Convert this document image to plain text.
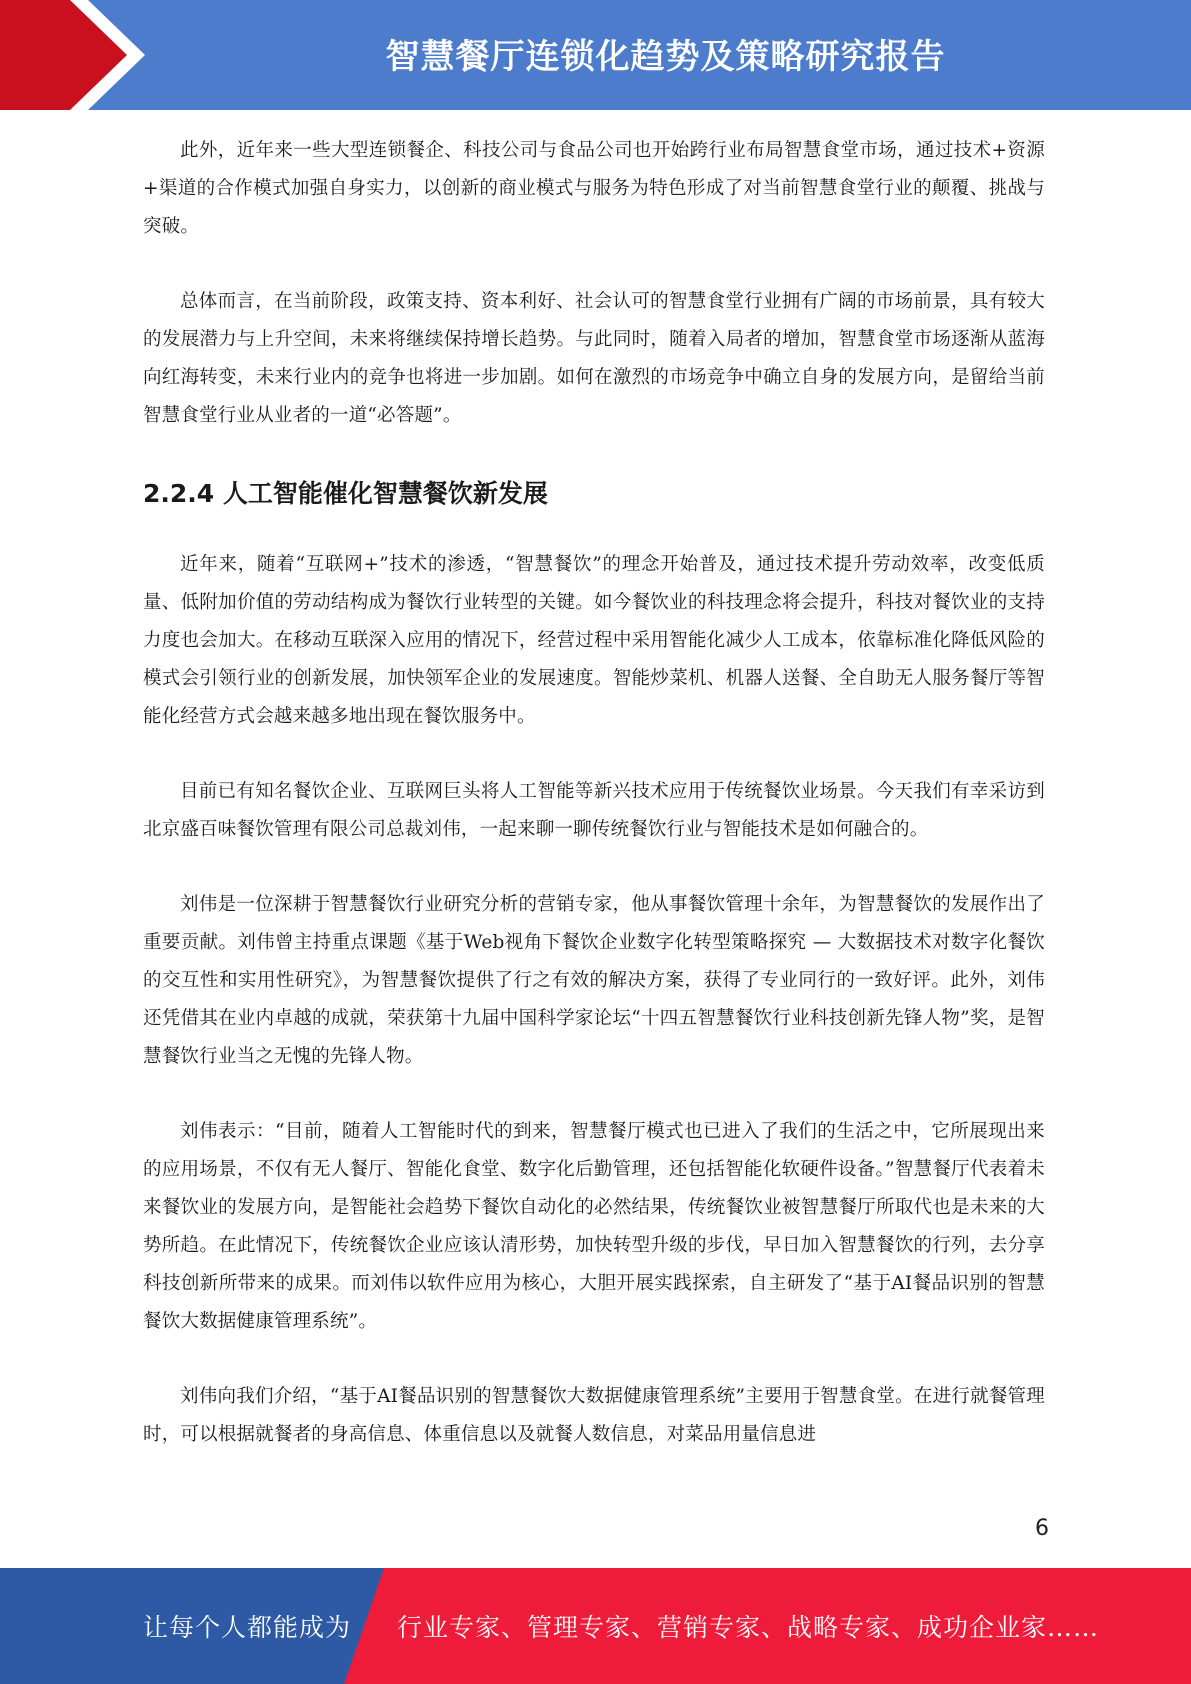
智慧餐厅连锁化趋势及策略研究报告

此外，近年来一些大型连锁餐企、科技公司与食品公司也开始跨行业布局智慧食堂市场，通过技术+资源+渠道的合作模式加强自身实力，以创新的商业模式与服务为特色形成了对当前智慧食堂行业的颠覆、挑战与突破。

总体而言，在当前阶段，政策支持、资本利好、社会认可的智慧食堂行业拥有广阔的市场前景，具有较大的发展潜力与上升空间，未来将继续保持增长趋势。与此同时，随着入局者的增加，智慧食堂市场逐渐从蓝海向红海转变，未来行业内的竞争也将进一步加剧。如何在激烈的市场竞争中确立自身的发展方向，是留给当前智慧食堂行业从业者的一道“必答题”。

2.2.4 人工智能催化智慧餐饮新发展

近年来，随着“互联网+”技术的渗透，“智慧餐饮”的理念开始普及，通过技术提升劳动效率，改变低质量、低附加价值的劳动结构成为餐饮行业转型的关键。如今餐饮业的科技理念将会提升，科技对餐饮业的支持力度也会加大。在移动互联深入应用的情况下，经营过程中采用智能化减少人工成本，依靠标准化降低风险的模式会引领行业的创新发展，加快领军企业的发展速度。智能炒菜机、机器人送餐、全自助无人服务餐厅等智能化经营方式会越来越多地出现在餐饮服务中。

目前已有知名餐饮企业、互联网巨头将人工智能等新兴技术应用于传统餐饮业场景。今天我们有幸采访到北京盛百味餐饮管理有限公司总裁刘伟，一起来聊一聊传统餐饮行业与智能技术是如何融合的。

刘伟是一位深耕于智慧餐饮行业研究分析的营销专家，他从事餐饮管理十余年，为智慧餐饮的发展作出了重要贡献。刘伟曾主持重点课题《基于Web视角下餐饮企业数字化转型策略探究 — 大数据技术对数字化餐饮的交互性和实用性研究》，为智慧餐饮提供了行之有效的解决方案，获得了专业同行的一致好评。此外，刘伟还凭借其在业内卓越的成就，荣获第十九届中国科学家论坛“十四五智慧餐饮行业科技创新先锋人物”奖，是智慧餐饮行业当之无愧的先锋人物。

刘伟表示：“目前，随着人工智能时代的到来，智慧餐厅模式也已进入了我们的生活之中，它所展现出来的应用场景，不仅有无人餐厅、智能化食堂、数字化后勤管理，还包括智能化软硬件设备。”智慧餐厅代表着未来餐饮业的发展方向，是智能社会趋势下餐饮自动化的必然结果，传统餐饮业被智慧餐厅所取代也是未来的大势所趋。在此情况下，传统餐饮企业应该认清形势，加快转型升级的步伐，早日加入智慧餐饮的行列，去分享科技创新所带来的成果。而刘伟以软件应用为核心，大胆开展实践探索，自主研发了“基于AI餐品识别的智慧餐饮大数据健康管理系统”。

刘伟向我们介绍，“基于AI餐品识别的智慧餐饮大数据健康管理系统”主要用于智慧食堂。在进行就餐管理时，可以根据就餐者的身高信息、体重信息以及就餐人数信息，对菜品用量信息进

6
让每个人都能成为 行业专家、管理专家、营销专家、战略专家、成功企业家……
